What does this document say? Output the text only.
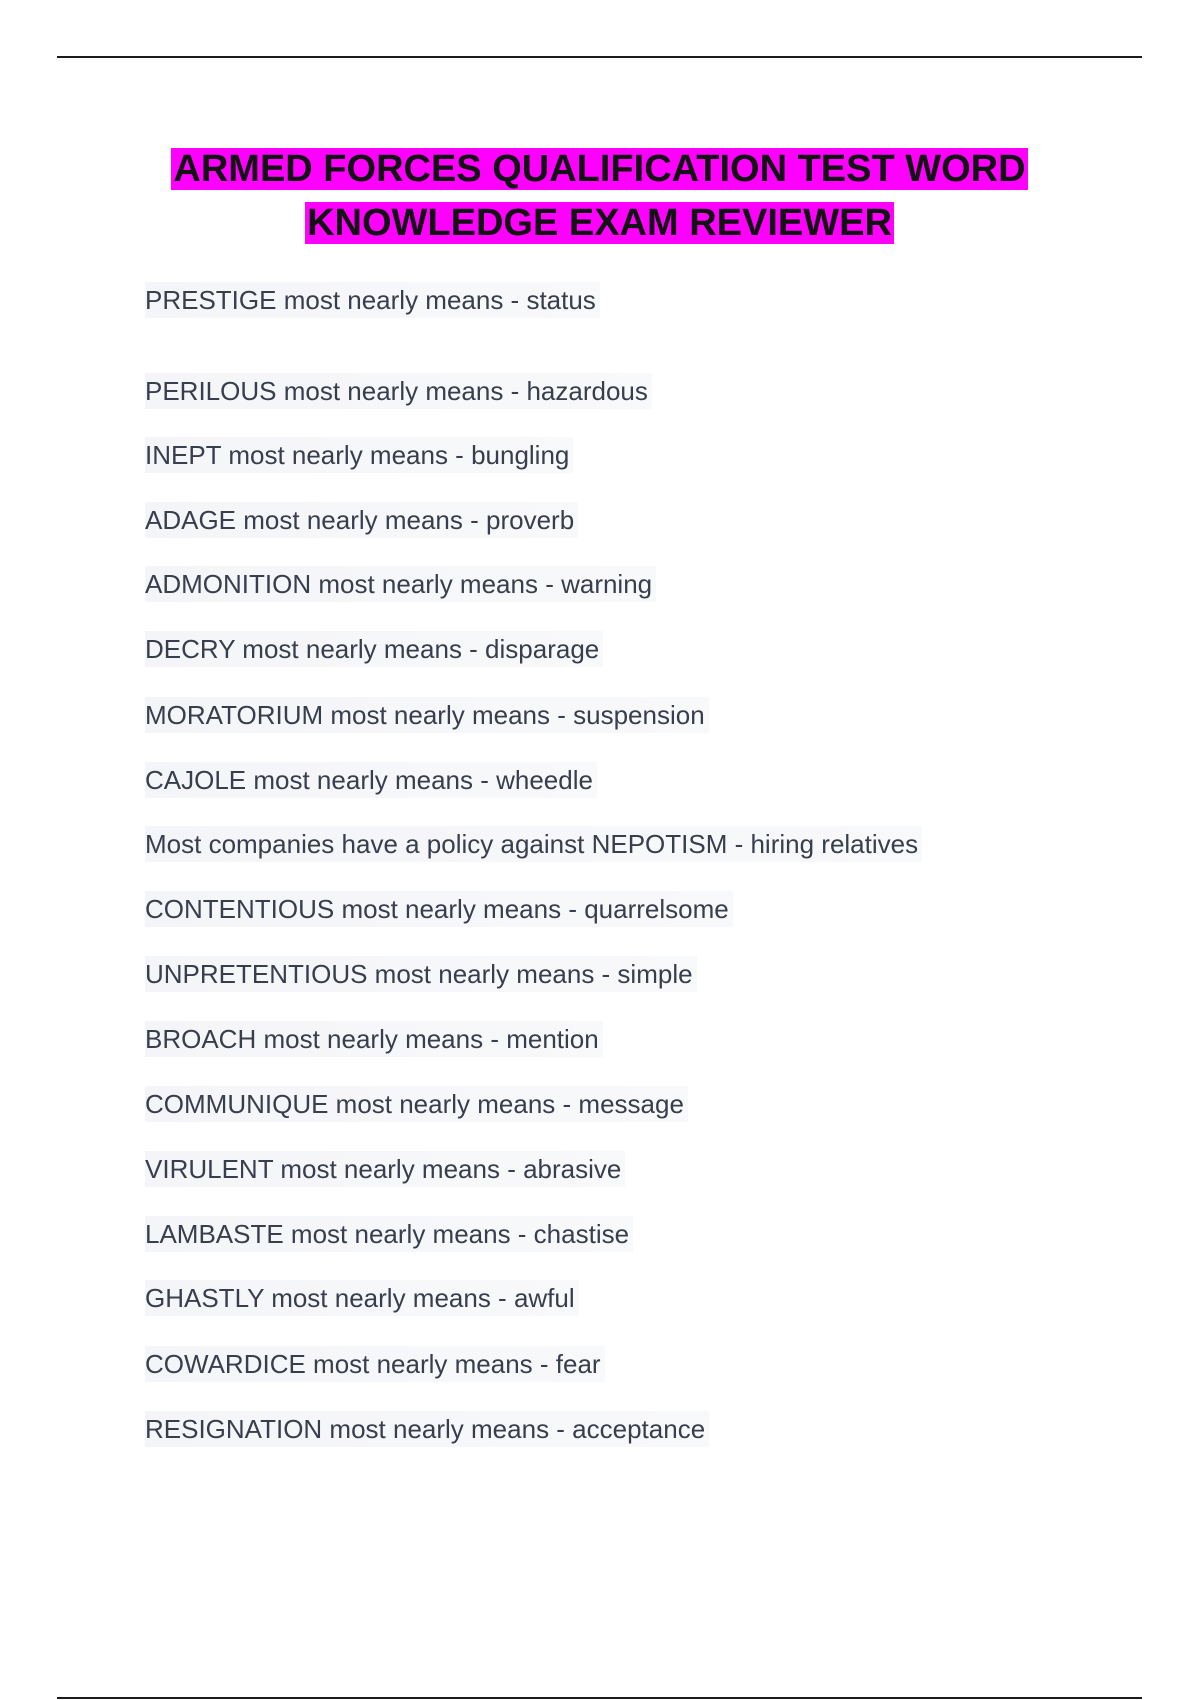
ARMED FORCES QUALIFICATION TEST WORD
KNOWLEDGE EXAM REVIEWER
PRESTIGE most nearly means - status
PERILOUS most nearly means - hazardous
INEPT most nearly means - bungling
ADAGE most nearly means - proverb
ADMONITION most nearly means - warning
DECRY most nearly means - disparage
MORATORIUM most nearly means - suspension
CAJOLE most nearly means - wheedle
Most companies have a policy against NEPOTISM - hiring relatives
CONTENTIOUS most nearly means - quarrelsome
UNPRETENTIOUS most nearly means - simple
BROACH most nearly means - mention
COMMUNIQUE most nearly means - message
VIRULENT most nearly means - abrasive
LAMBASTE most nearly means - chastise
GHASTLY most nearly means - awful
COWARDICE most nearly means - fear
RESIGNATION most nearly means - acceptance
